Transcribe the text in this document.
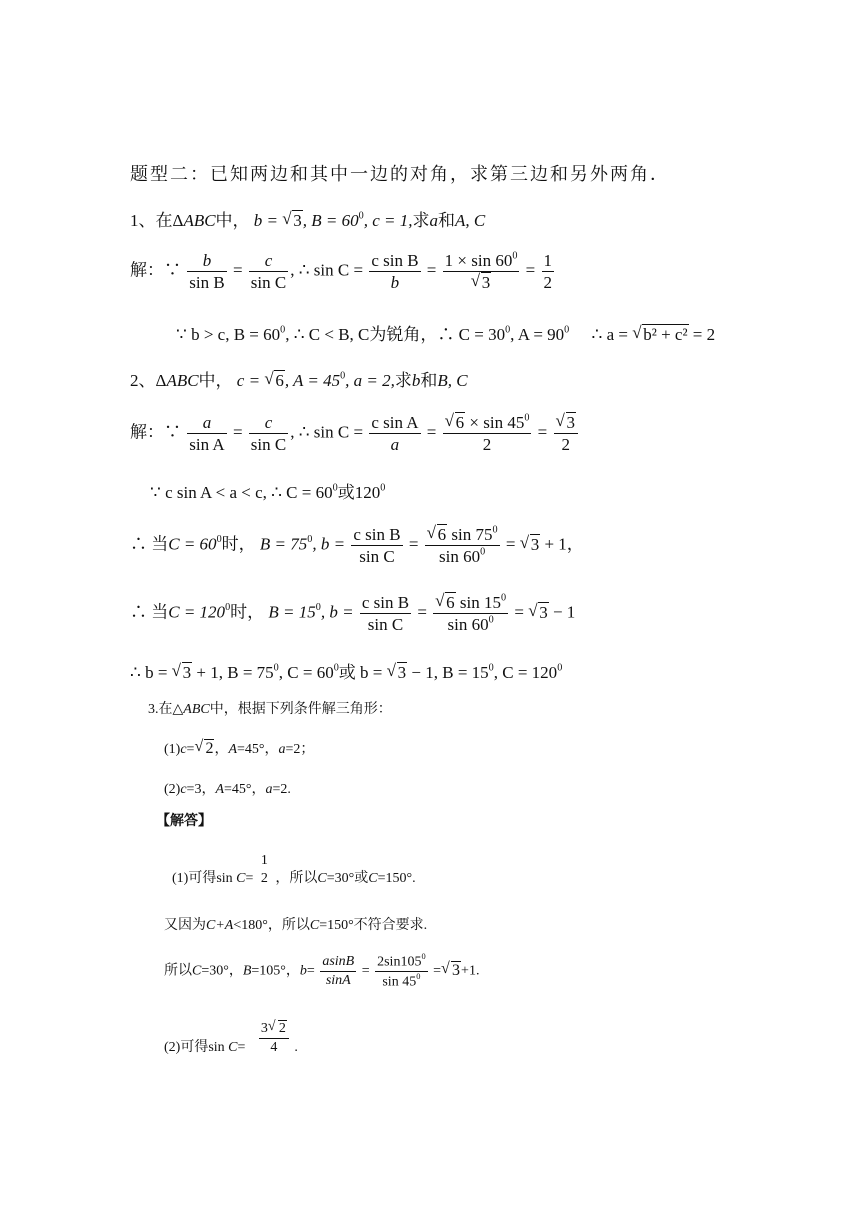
题型二：已知两边和其中一边的对角，求第三边和另外两角．
1、在ΔABC中， b = √ 3, $B = 60^0$, c = 1,求a和A, C
解：∵ $\frac{b}{\text{sin B}} = \frac{c}{\text{sin C}}$ , ∴ $\sin C = \frac{\text{c sin B}}{b} = 1 \times \sin 60^0$
√ $3 = \frac{1}{2}$
∵ b > c, $B = 60^0$, ∴ C < B, C为锐角，∴ $C = 30^0$, $A = 90^0$ ∴ a = √ b² + c² = 2
2、ΔABC中， c = √ 6, $A = 45^0$, a = 2,求b和B, C
解：∵ $\frac{a}{\text{sin A}} = \frac{c}{\text{sin C}}$ , ∴ $\sin C = \frac{\text{c sin A}}{a}$ = √ $\frac{6 \times \sin 45^0}{2}$ = √ $\frac{3}{2}$
∵ c sin A < a < c, ∴ $C = 60^0$或$120^0$
∴ 当$C = 60^0$时， $B = 75^0$, $b = \frac{\text{c sin B}}{\text{sin C}}$ = √ $\frac{6 \sin 75^0}{\sin 60^0}$ = √ 3 + 1，
∴ 当$C = 120^0$时， $B = 15^0$, $b = \frac{\text{c sin B}}{\text{sin C}}$ = √ $\frac{6 \sin 15^0}{\sin 60^0}$ = √ 3 − 1
∴ b = √ 3 + 1, $B = 75^0$, $C = 60^0$或 b = √ 3 − 1, $B = 15^0$, $C = 120^0$
3.在△ABC中，根据下列条件解三角形：
(1)c= √ 2，A=45°，a=2；
(2)c=3，A=45°，a=2.
【解答】
(1)可得sin C=
1
2 ，所以C=30°或C=150°.
又因为C+A<180°，所以C=150°不符合要求.
所以C=30°，B=105°，$b= \frac{asinB}{\sin A} = \frac{2\sin 105^0}{\sin 45^0}$ = √ 3+1.
(2)可得$\sin C= \frac{3 √ 2}{4}$ .
